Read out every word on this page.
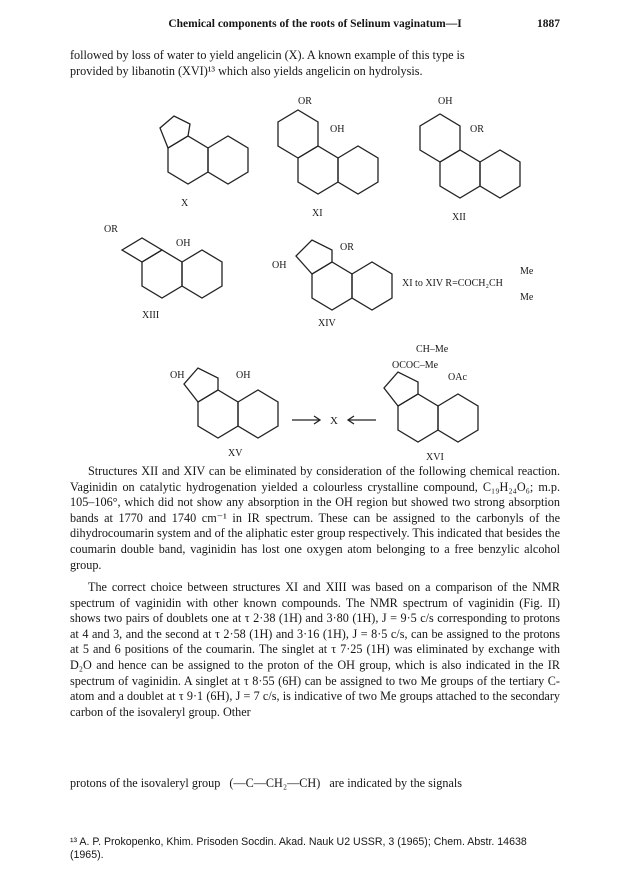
Chemical components of the roots of Selinum vaginatum—I	1887
followed by loss of water to yield angelicin (X). A known example of this type is
provided by libanotin (XVI)¹³ which also yields angelicin on hydrolysis.
X
XI	XII
XIII
XIV
XV	XVI
OR
OH
OH
OR
OR
OH	OR
OH
XI to XIV R=COCH₂CH
Me
Me
OH	OH
CH–Me
OCOC–Me
OAc
X
Structures XII and XIV can be eliminated by consideration of the following chemical reaction. Vaginidin on catalytic hydrogenation yielded a colourless crystalline compound, C₁₉H₂₄O₆; m.p. 105–106°, which did not show any absorption in the OH region but showed two strong absorption bands at 1770 and 1740 cm⁻¹ in IR spectrum. These can be assigned to the carbonyls of the dihydrocoumarin system and of the aliphatic ester group respectively. This indicated that besides the coumarin double band, vaginidin has lost one oxygen atom belonging to a free benzylic alcohol group.
The correct choice between structures XI and XIII was based on a comparison of the NMR spectrum of vaginidin with other known compounds. The NMR spectrum of vaginidin (Fig. II) shows two pairs of doublets one at τ 2·38 (1H) and 3·80 (1H), J = 9·5 c/s corresponding to protons at 4 and 3, and the second at τ 2·58 (1H) and 3·16 (1H), J = 8·5 c/s, can be assigned to the protons at 5 and 6 positions of the coumarin. The singlet at τ 7·25 (1H) was eliminated by exchange with D₂O and hence can be assigned to the proton of the OH group, which is also indicated in the IR spectrum of vaginidin. A singlet at τ 8·55 (6H) can be assigned to two Me groups of the tertiary C-atom and a doublet at τ 9·1 (6H), J = 7 c/s, is indicative of two Me groups attached to the secondary carbon of the isovaleryl group. Other
protons of the isovaleryl group (—C—CH₂—CH) are indicated by the signals
¹³ A. P. Prokopenko, Khim. Prisoden Socdin. Akad. Nauk U2 USSR, 3 (1965); Chem. Abstr. 14638 (1965).
